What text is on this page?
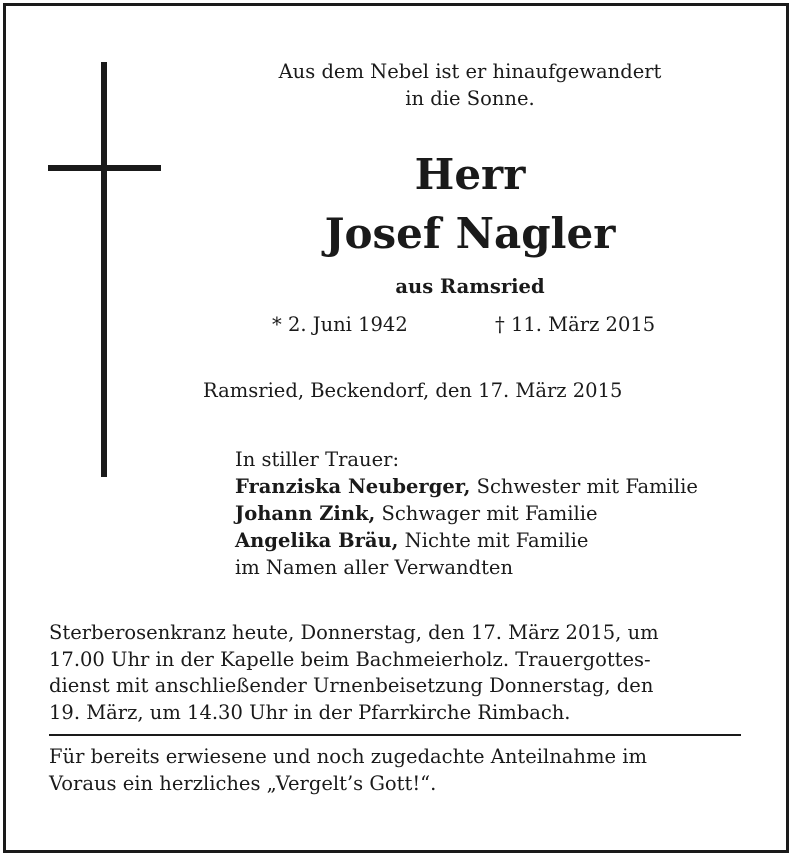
Aus dem Nebel ist er hinaufgewandert
in die Sonne.
Herr
Josef Nagler
aus Ramsried
* 2. Juni 1942	† 11. März 2015
Ramsried, Beckendorf, den 17. März 2015
In stiller Trauer:
Franziska Neuberger, Schwester mit Familie
Johann Zink, Schwager mit Familie
Angelika Bräu, Nichte mit Familie
im Namen aller Verwandten
Sterberosenkranz heute, Donnerstag, den 17. März 2015, um
17.00 Uhr in der Kapelle beim Bachmeierholz. Trauergottes-
dienst mit anschließender Urnenbeisetzung Donnerstag, den
19. März, um 14.30 Uhr in der Pfarrkirche Rimbach.
Für bereits erwiesene und noch zugedachte Anteilnahme im
Voraus ein herzliches „Vergelt’s Gott!“.
